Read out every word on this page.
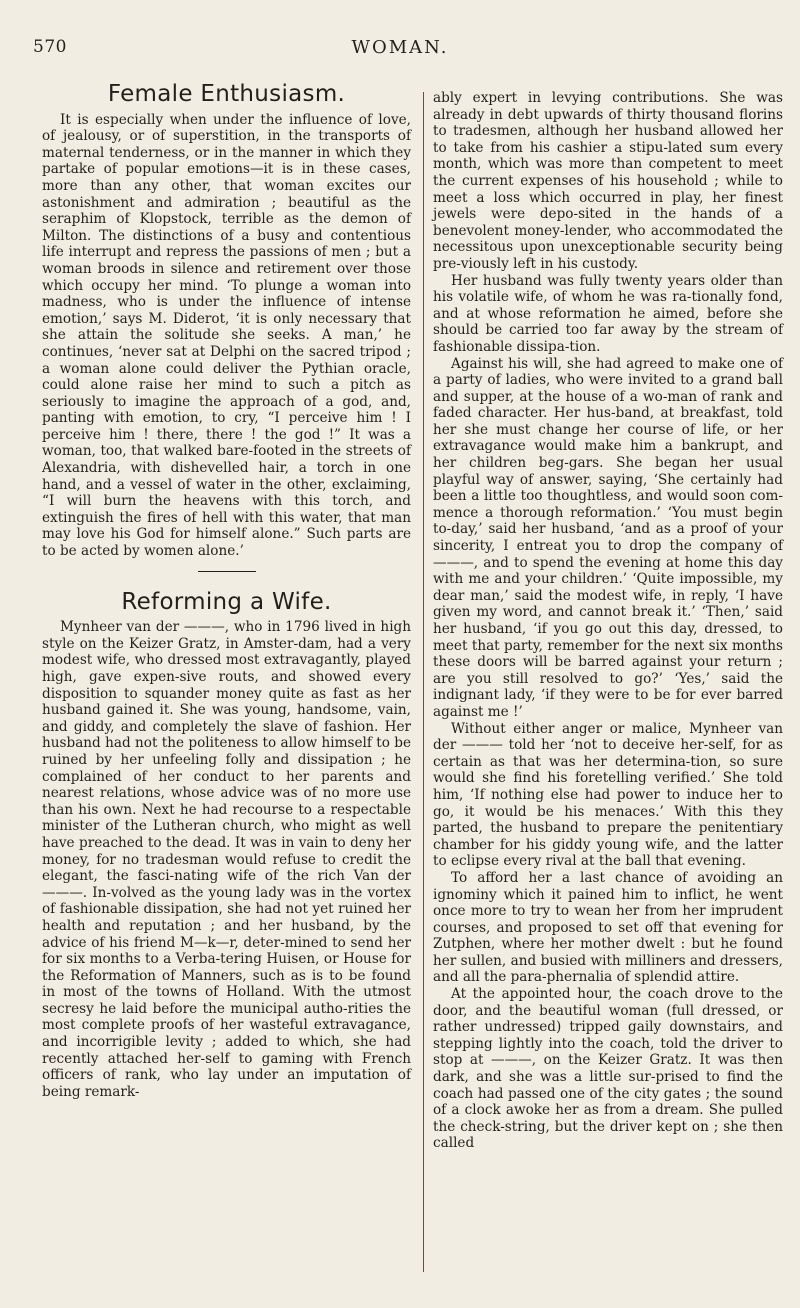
570	WOMAN.
Female Enthusiasm.

It is especially when under the influence of love, of jealousy, or of superstition, in the transports of maternal tenderness, or in the manner in which they partake of popular emotions—it is in these cases, more than any other, that woman excites our astonishment and admiration ; beautiful as the seraphim of Klopstock, terrible as the demon of Milton. The distinctions of a busy and contentious life interrupt and repress the passions of men ; but a woman broods in silence and retirement over those which occupy her mind. ‘To plunge a woman into madness, who is under the influence of intense emotion,’ says M. Diderot, ‘it is only necessary that she attain the solitude she seeks. A man,’ he continues, ‘never sat at Delphi on the sacred tripod ; a woman alone could deliver the Pythian oracle, could alone raise her mind to such a pitch as seriously to imagine the approach of a god, and, panting with emotion, to cry, “I perceive him ! I perceive him ! there, there ! the god !” It was a woman, too, that walked bare-footed in the streets of Alexandria, with dishevelled hair, a torch in one hand, and a vessel of water in the other, exclaiming, “I will burn the heavens with this torch, and extinguish the fires of hell with this water, that man may love his God for himself alone.” Such parts are to be acted by women alone.’

Reforming a Wife.

Mynheer van der ———, who in 1796 lived in high style on the Keizer Gratz, in Amster-dam, had a very modest wife, who dressed most extravagantly, played high, gave expen-sive routs, and showed every disposition to squander money quite as fast as her husband gained it. She was young, handsome, vain, and giddy, and completely the slave of fashion. Her husband had not the politeness to allow himself to be ruined by her unfeeling folly and dissipation ; he complained of her conduct to her parents and nearest relations, whose advice was of no more use than his own. Next he had recourse to a respectable minister of the Lutheran church, who might as well have preached to the dead. It was in vain to deny her money, for no tradesman would refuse to credit the elegant, the fasci-nating wife of the rich Van der ———. In-volved as the young lady was in the vortex of fashionable dissipation, she had not yet ruined her health and reputation ; and her husband, by the advice of his friend M—k—r, deter-mined to send her for six months to a Verba-tering Huisen, or House for the Reformation of Manners, such as is to be found in most of the towns of Holland. With the utmost secresy he laid before the municipal autho-rities the most complete proofs of her wasteful extravagance, and incorrigible levity ; added to which, she had recently attached her-self to gaming with French officers of rank, who lay under an imputation of being remark-

ably expert in levying contributions. She was already in debt upwards of thirty thousand florins to tradesmen, although her husband allowed her to take from his cashier a stipu-lated sum every month, which was more than competent to meet the current expenses of his household ; while to meet a loss which occurred in play, her finest jewels were depo-sited in the hands of a benevolent money-lender, who accommodated the necessitous upon unexceptionable security being pre-viously left in his custody.

Her husband was fully twenty years older than his volatile wife, of whom he was ra-tionally fond, and at whose reformation he aimed, before she should be carried too far away by the stream of fashionable dissipa-tion.

Against his will, she had agreed to make one of a party of ladies, who were invited to a grand ball and supper, at the house of a wo-man of rank and faded character. Her hus-band, at breakfast, told her she must change her course of life, or her extravagance would make him a bankrupt, and her children beg-gars. She began her usual playful way of answer, saying, ‘She certainly had been a little too thoughtless, and would soon com-mence a thorough reformation.’ ‘You must begin to-day,’ said her husband, ‘and as a proof of your sincerity, I entreat you to drop the company of ———, and to spend the evening at home this day with me and your children.’ ‘Quite impossible, my dear man,’ said the modest wife, in reply, ‘I have given my word, and cannot break it.’ ‘Then,’ said her husband, ‘if you go out this day, dressed, to meet that party, remember for the next six months these doors will be barred against your return ; are you still resolved to go?’ ‘Yes,’ said the indignant lady, ‘if they were to be for ever barred against me !’

Without either anger or malice, Mynheer van der ——— told her ‘not to deceive her-self, for as certain as that was her determina-tion, so sure would she find his foretelling verified.’ She told him, ‘If nothing else had power to induce her to go, it would be his menaces.’ With this they parted, the husband to prepare the penitentiary chamber for his giddy young wife, and the latter to eclipse every rival at the ball that evening.

To afford her a last chance of avoiding an ignominy which it pained him to inflict, he went once more to try to wean her from her imprudent courses, and proposed to set off that evening for Zutphen, where her mother dwelt : but he found her sullen, and busied with milliners and dressers, and all the para-phernalia of splendid attire.

At the appointed hour, the coach drove to the door, and the beautiful woman (full dressed, or rather undressed) tripped gaily downstairs, and stepping lightly into the coach, told the driver to stop at ———, on the Keizer Gratz. It was then dark, and she was a little sur-prised to find the coach had passed one of the city gates ; the sound of a clock awoke her as from a dream. She pulled the check-string, but the driver kept on ; she then called
